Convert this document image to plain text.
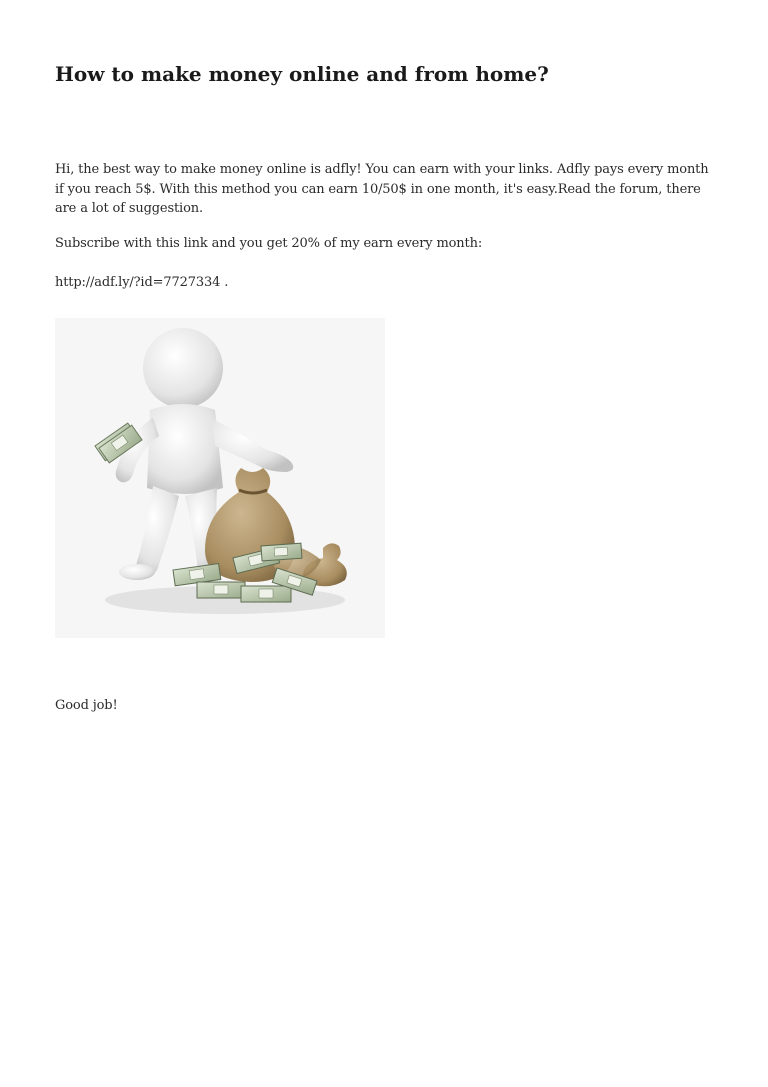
How to make money online and from home?

Hi, the best way to make money online is adfly! You can earn with your links. Adfly pays every month if you reach 5$. With this method you can earn 10/50$ in one month, it's easy.Read the forum, there are a lot of suggestion.

Subscribe with this link and you get 20% of my earn every month:

http://adf.ly/?id=7727334 .

Good job!
